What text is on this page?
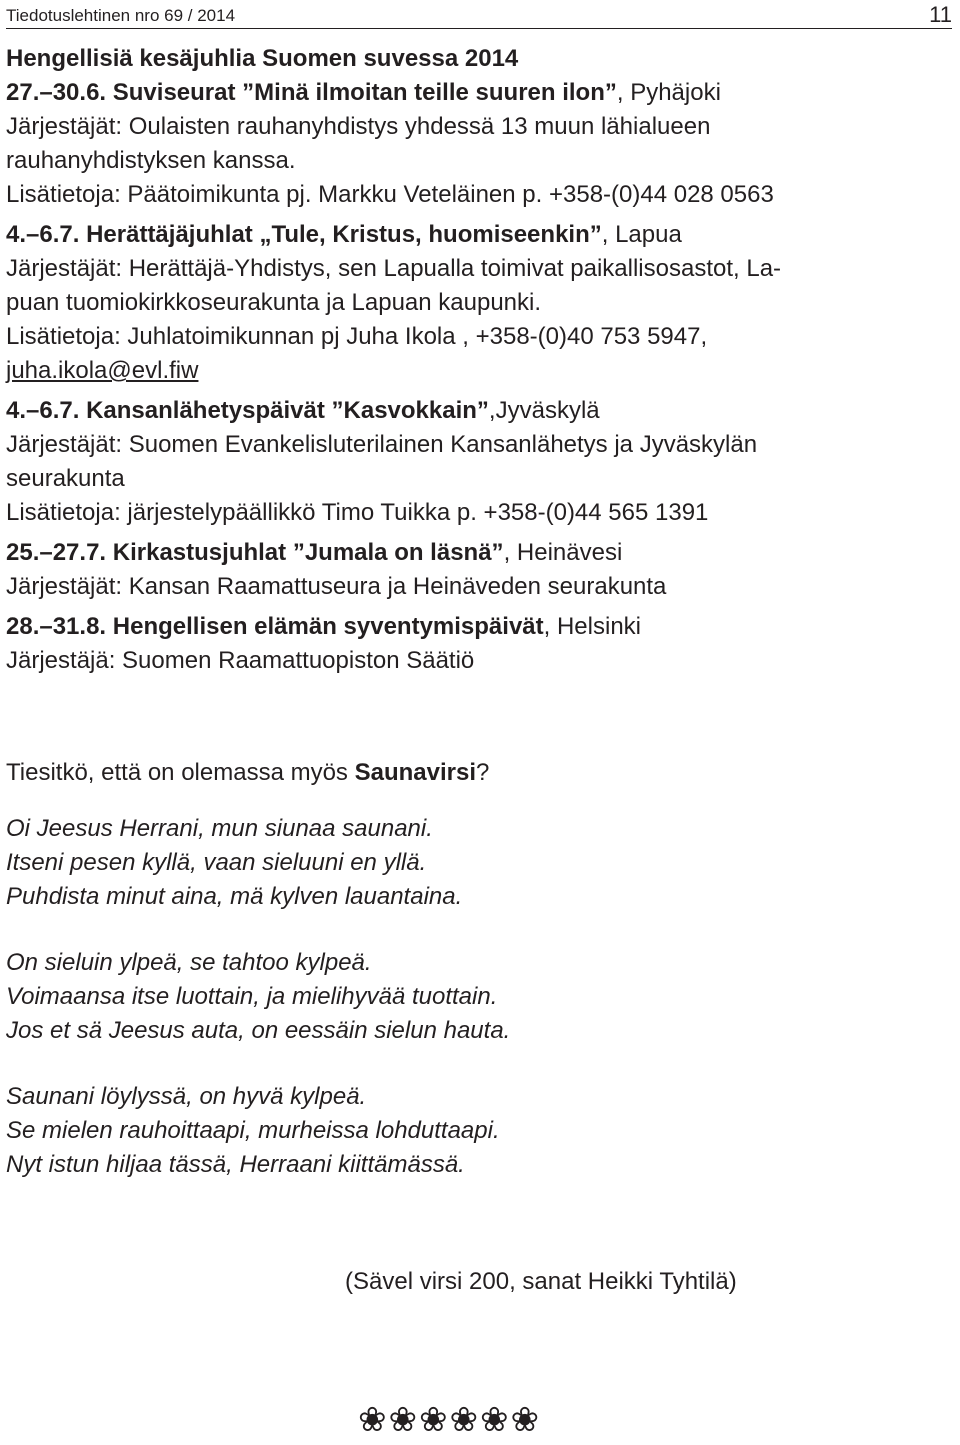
Tiedotuslehtinen nro 69 / 2014	11

Hengellisiä kesäjuhlia Suomen suvessa 2014

27.–30.6. Suviseurat ”Minä ilmoitan teille suuren ilon”, Pyhäjoki

Järjestäjät: Oulaisten rauhanyhdistys yhdessä 13 muun lähialueen

rauhanyhdistyksen kanssa.

Lisätietoja: Päätoimikunta pj. Markku Veteläinen p. +358-(0)44 028 0563

4.–6.7. Herättäjäjuhlat „Tule, Kristus, huomiseenkin”, Lapua

Järjestäjät: Herättäjä-Yhdistys, sen Lapualla toimivat paikallisosastot, La-

puan tuomiokirkkoseurakunta ja Lapuan kaupunki.

Lisätietoja: Juhlatoimikunnan pj Juha Ikola , +358-(0)40 753 5947,

juha.ikola@evl.fiw

4.–6.7. Kansanlähetyspäivät ”Kasvokkain”,Jyväskylä

Järjestäjät: Suomen Evankelisluterilainen Kansanlähetys ja Jyväskylän

seurakunta

Lisätietoja: järjestelypäällikkö Timo Tuikka p. +358-(0)44 565 1391

25.–27.7. Kirkastusjuhlat ”Jumala on läsnä”, Heinävesi

Järjestäjät: Kansan Raamattuseura ja Heinäveden seurakunta

28.–31.8. Hengellisen elämän syventymispäivät, Helsinki

Järjestäjä: Suomen Raamattuopiston Säätiö

Tiesitkö, että on olemassa myös Saunavirsi?

Oi Jeesus Herrani, mun siunaa saunani.

Itseni pesen kyllä, vaan sieluuni en yllä.

Puhdista minut aina, mä kylven lauantaina.

On sieluin ylpeä, se tahtoo kylpeä.

Voimaansa itse luottain, ja mielihyvää tuottain.

Jos et sä Jeesus auta, on eessäin sielun hauta.

Saunani löylyssä, on hyvä kylpeä.

Se mielen rauhoittaapi, murheissa lohduttaapi.

Nyt istun hiljaa tässä, Herraani kiittämässä.

(Sävel virsi 200, sanat Heikki Tyhtilä)
❀❀❀❀❀❀
